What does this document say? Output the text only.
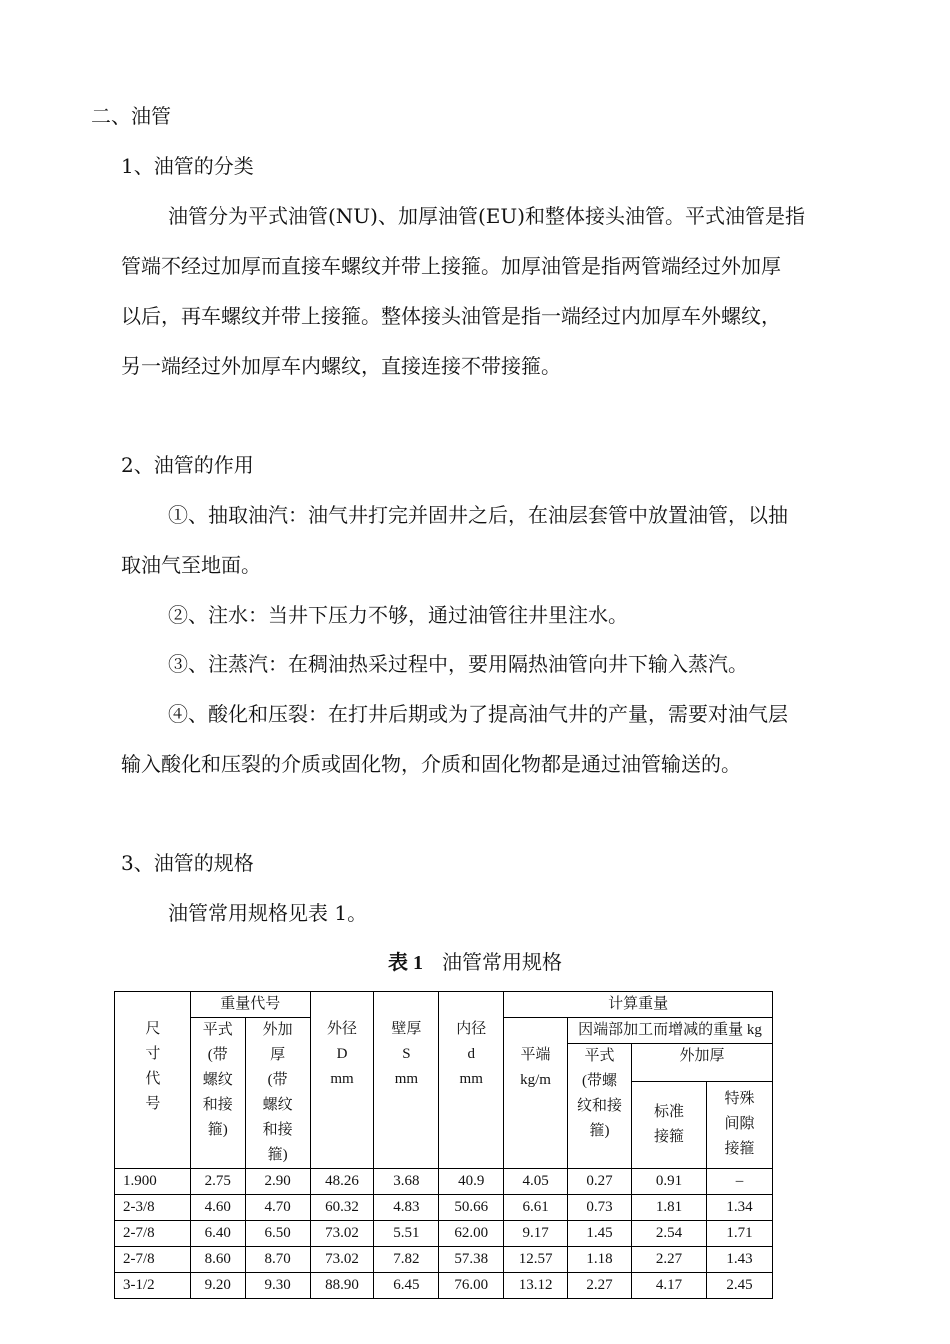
二、油管
1、油管的分类
油管分为平式油管(NU)、加厚油管(EU)和整体接头油管。平式油管是指
管端不经过加厚而直接车螺纹并带上接箍。加厚油管是指两管端经过外加厚
以后，再车螺纹并带上接箍。整体接头油管是指一端经过内加厚车外螺纹，
另一端经过外加厚车内螺纹，直接连接不带接箍。
2、油管的作用
①、抽取油汽：油气井打完并固井之后，在油层套管中放置油管，以抽
取油气至地面。
②、注水：当井下压力不够，通过油管往井里注水。
③、注蒸汽：在稠油热采过程中，要用隔热油管向井下输入蒸汽。
④、酸化和压裂：在打井后期或为了提高油气井的产量，需要对油气层
输入酸化和压裂的介质或固化物，介质和固化物都是通过油管输送的。
3、油管的规格
油管常用规格见表 1。
表 1 油管常用规格
尺寸代号	重量代号		外径 D mm	壁厚 S mm	内径 d mm	计算重量			

	平式(带螺纹和接箍)	外加厚(带螺纹和接箍)				平端 kg/m	因端部加工而增减的重量 kg		

							平式(带螺纹和接箍)	外加厚	

								标准接箍	特殊间隙接箍

1.900	2.75	2.90	48.26	3.68	40.9	4.05	0.27	0.91	–
2-3/8	4.60	4.70	60.32	4.83	50.66	6.61	0.73	1.81	1.34
2-7/8	6.40	6.50	73.02	5.51	62.00	9.17	1.45	2.54	1.71
2-7/8	8.60	8.70	73.02	7.82	57.38	12.57	1.18	2.27	1.43
3-1/2	9.20	9.30	88.90	6.45	76.00	13.12	2.27	4.17	2.45
